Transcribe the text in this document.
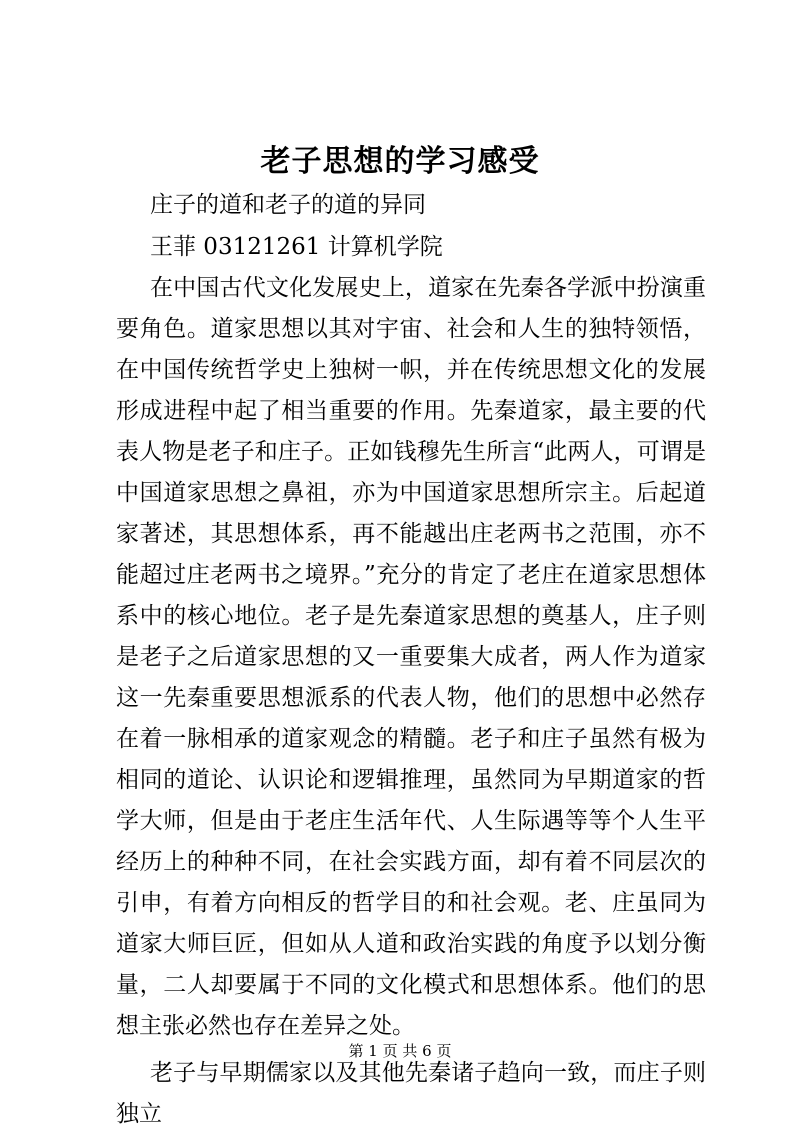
老子思想的学习感受
庄子的道和老子的道的异同
王菲 03121261 计算机学院

在中国古代文化发展史上，道家在先秦各学派中扮演重要角色。道家思想以其对宇宙、社会和人生的独特领悟，在中国传统哲学史上独树一帜，并在传统思想文化的发展形成进程中起了相当重要的作用。先秦道家，最主要的代表人物是老子和庄子。正如钱穆先生所言“此两人，可谓是中国道家思想之鼻祖，亦为中国道家思想所宗主。后起道家著述，其思想体系，再不能越出庄老两书之范围，亦不能超过庄老两书之境界。”充分的肯定了老庄在道家思想体系中的核心地位。老子是先秦道家思想的奠基人，庄子则是老子之后道家思想的又一重要集大成者，两人作为道家这一先秦重要思想派系的代表人物，他们的思想中必然存在着一脉相承的道家观念的精髓。老子和庄子虽然有极为相同的道论、认识论和逻辑推理，虽然同为早期道家的哲学大师，但是由于老庄生活年代、人生际遇等等个人生平经历上的种种不同，在社会实践方面，却有着不同层次的引申，有着方向相反的哲学目的和社会观。老、庄虽同为道家大师巨匠，但如从人道和政治实践的角度予以划分衡量，二人却要属于不同的文化模式和思想体系。他们的思想主张必然也存在差异之处。

老子与早期儒家以及其他先秦诸子趋向一致，而庄子则独立

第 1 页 共 6 页
